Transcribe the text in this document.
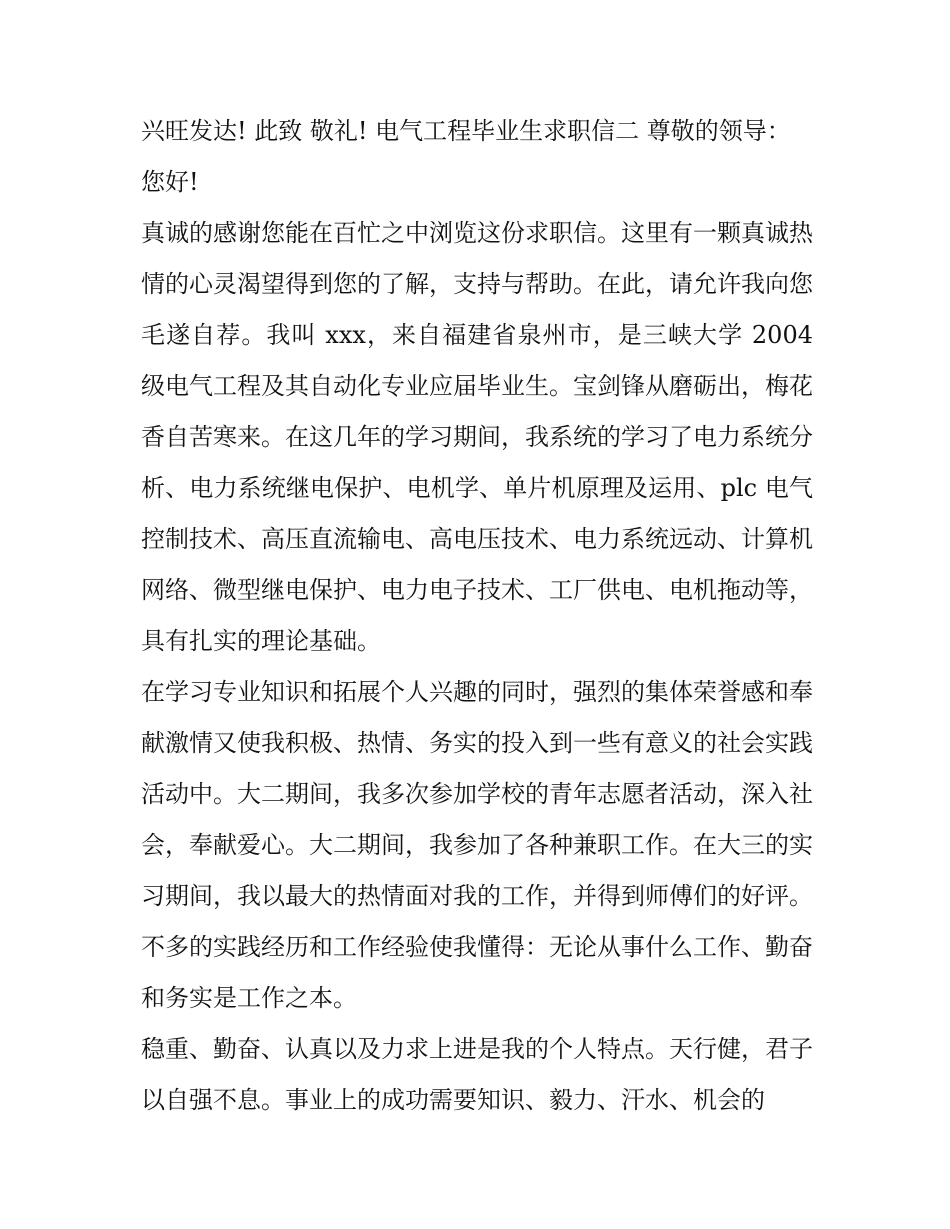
兴旺发达! 此致 敬礼! 电气工程毕业生求职信二 尊敬的领导：

您好!

真诚的感谢您能在百忙之中浏览这份求职信。这里有一颗真诚热情的心灵渴望得到您的了解，支持与帮助。在此，请允许我向您毛遂自荐。我叫 xxx，来自福建省泉州市，是三峡大学 2004 级电气工程及其自动化专业应届毕业生。宝剑锋从磨砺出，梅花香自苦寒来。在这几年的学习期间，我系统的学习了电力系统分析、电力系统继电保护、电机学、单片机原理及运用、plc 电气控制技术、高压直流输电、高电压技术、电力系统远动、计算机网络、微型继电保护、电力电子技术、工厂供电、电机拖动等，具有扎实的理论基础。

在学习专业知识和拓展个人兴趣的同时，强烈的集体荣誉感和奉献激情又使我积极、热情、务实的投入到一些有意义的社会实践活动中。大二期间，我多次参加学校的青年志愿者活动，深入社会，奉献爱心。大二期间，我参加了各种兼职工作。在大三的实习期间，我以最大的热情面对我的工作，并得到师傅们的好评。不多的实践经历和工作经验使我懂得：无论从事什么工作、勤奋和务实是工作之本。

稳重、勤奋、认真以及力求上进是我的个人特点。天行健，君子以自强不息。事业上的成功需要知识、毅力、汗水、机会的
